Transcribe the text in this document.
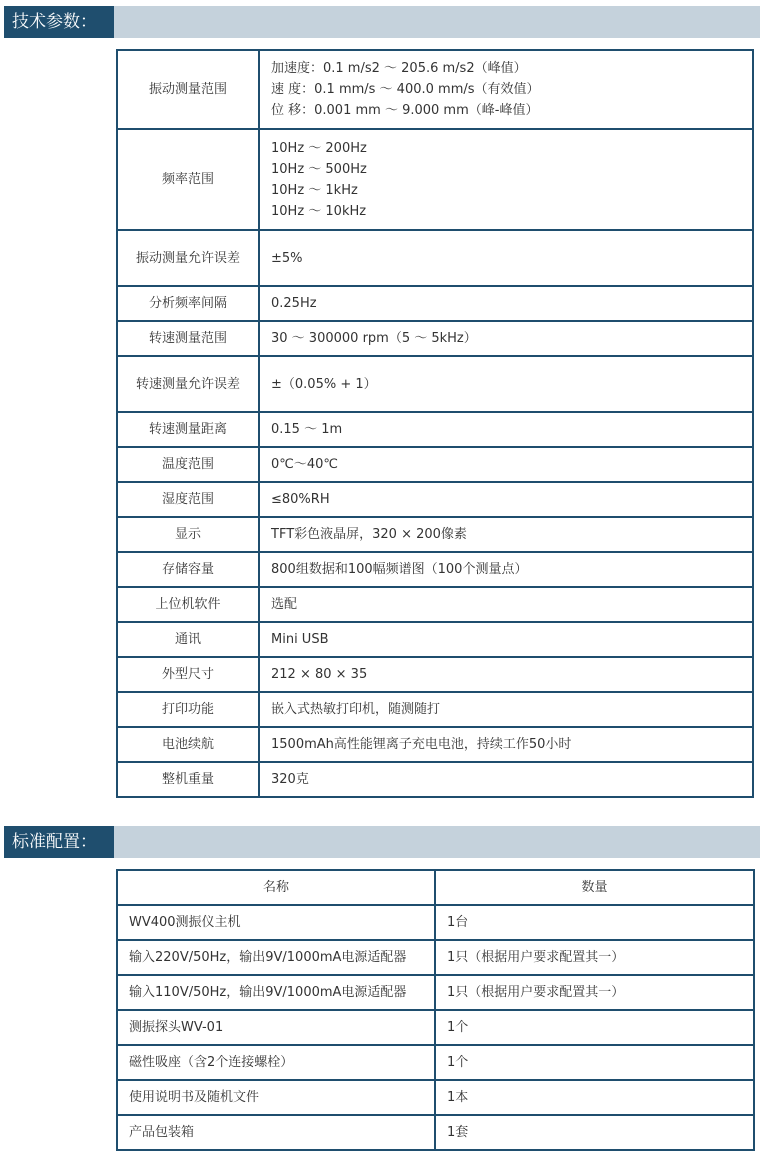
技术参数：
振动测量范围	加速度：0.1 m/s2 ～ 205.6 m/s2（峰值）
速 度：0.1 mm/s ～ 400.0 mm/s（有效值）
位 移：0.001 mm ～ 9.000 mm（峰-峰值）

频率范围	10Hz ～ 200Hz
10Hz ～ 500Hz
10Hz ～ 1kHz
10Hz ～ 10kHz

振动测量允许误差	±5%

分析频率间隔	0.25Hz

转速测量范围	30 ～ 300000 rpm（5 ～ 5kHz）

转速测量允许误差	±（0.05% + 1）

转速测量距离	0.15 ～ 1m

温度范围	0℃～40℃

湿度范围	≤80%RH

显示	TFT彩色液晶屏，320 × 200像素

存储容量	800组数据和100幅频谱图（100个测量点）

上位机软件	选配

通讯	Mini USB

外型尺寸	212 × 80 × 35

打印功能	嵌入式热敏打印机，随测随打

电池续航	1500mAh高性能锂离子充电电池，持续工作50小时

整机重量	320克
标准配置：
名称	数量
WV400测振仪主机	1台
输入220V/50Hz，输出9V/1000mA电源适配器	1只（根据用户要求配置其一）
输入110V/50Hz，输出9V/1000mA电源适配器	1只（根据用户要求配置其一）
测振探头WV-01	1个
磁性吸座（含2个连接螺栓）	1个
使用说明书及随机文件	1本
产品包装箱	1套
